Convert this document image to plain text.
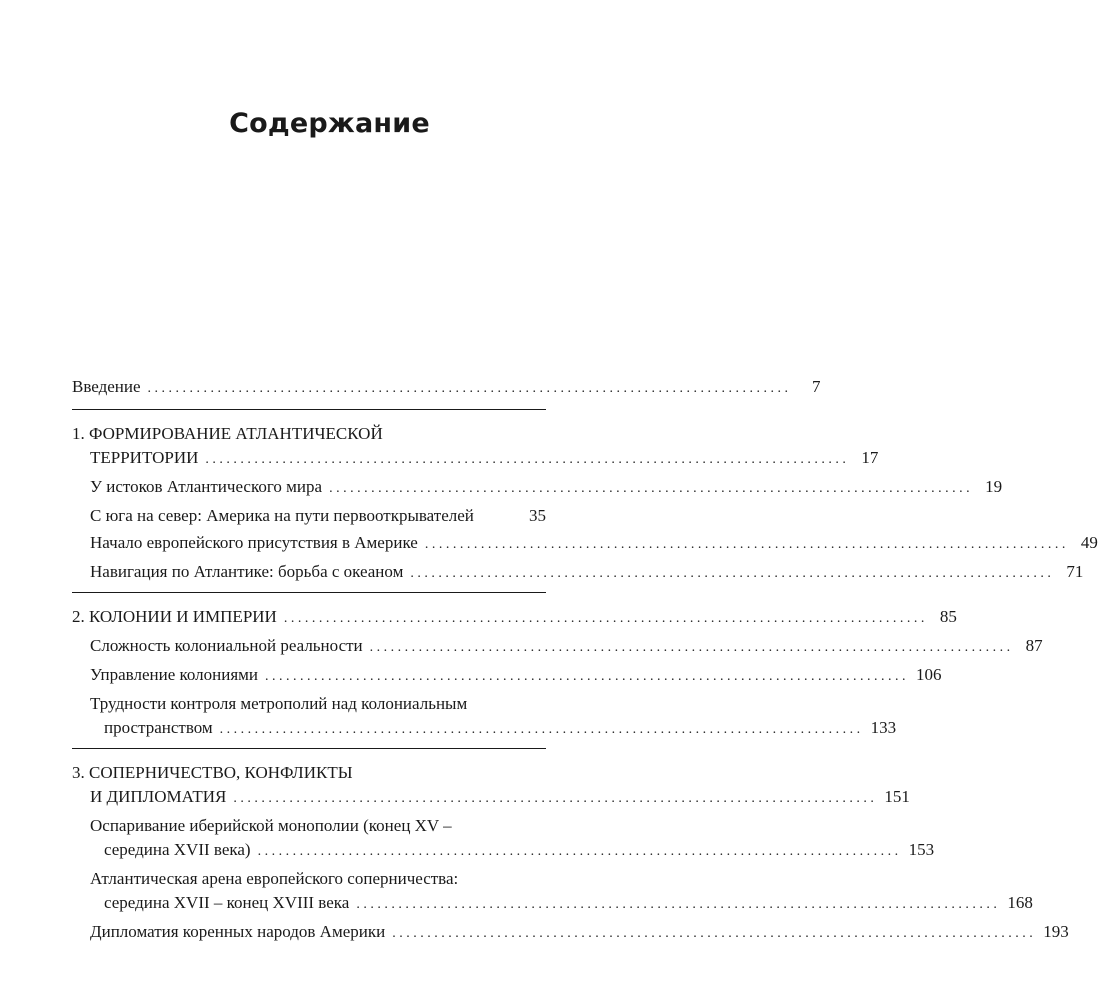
Содержание
Введение ............................................................................................	7
1. ФОРМИРОВАНИЕ АТЛАНТИЧЕСКОЙ
ТЕРРИТОРИИ ............................................................................................ 17
У истоков Атлантического мира ............................................................................................ 19
С юга на север: Америка на пути первооткрывателей	35
Начало европейского присутствия в Америке ............................................................................................ 49
Навигация по Атлантике: борьба с океаном ............................................................................................ 71
2. КОЛОНИИ И ИМПЕРИИ ............................................................................................ 85
Сложность колониальной реальности ............................................................................................ 87
Управление колониями ............................................................................................ 106
Трудности контроля метрополий над колониальным
пространством ............................................................................................ 133
3. СОПЕРНИЧЕСТВО, КОНФЛИКТЫ
И ДИПЛОМАТИЯ ............................................................................................ 151
Оспаривание иберийской монополии (конец XV –
середина XVII века) ............................................................................................ 153
Атлантическая арена европейского соперничества:
середина XVII – конец XVIII века ............................................................................................ 168
Дипломатия коренных народов Америки ............................................................................................ 193
